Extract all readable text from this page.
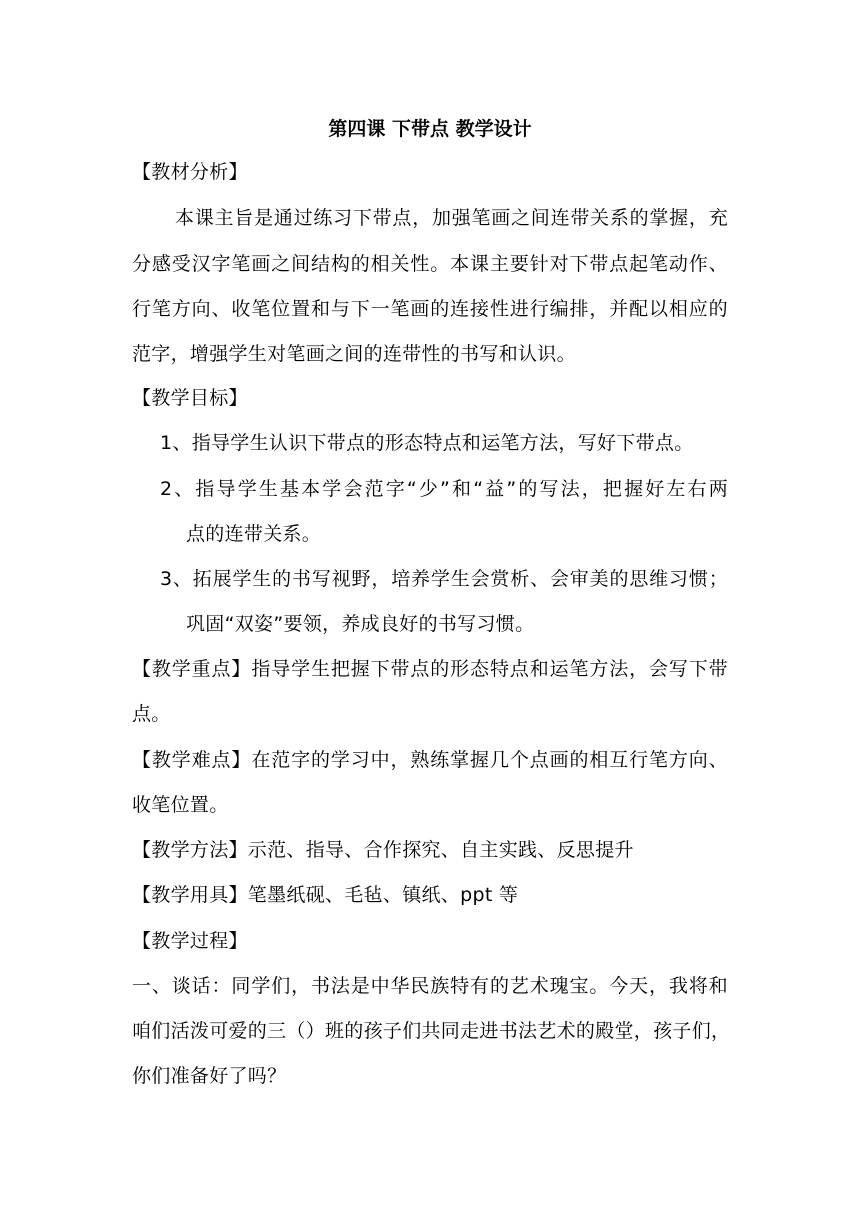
第四课 下带点 教学设计
【教材分析】
本课主旨是通过练习下带点，加强笔画之间连带关系的掌握，充
分感受汉字笔画之间结构的相关性。本课主要针对下带点起笔动作、
行笔方向、收笔位置和与下一笔画的连接性进行编排，并配以相应的
范字，增强学生对笔画之间的连带性的书写和认识。
【教学目标】
1、指导学生认识下带点的形态特点和运笔方法，写好下带点。
2、指导学生基本学会范字“少”和“益”的写法，把握好左右两
点的连带关系。
3、拓展学生的书写视野，培养学生会赏析、会审美的思维习惯；
巩固“双姿”要领，养成良好的书写习惯。
【教学重点】指导学生把握下带点的形态特点和运笔方法，会写下带
点。
【教学难点】在范字的学习中，熟练掌握几个点画的相互行笔方向、
收笔位置。
【教学方法】示范、指导、合作探究、自主实践、反思提升
【教学用具】笔墨纸砚、毛毡、镇纸、ppt 等
【教学过程】
一、谈话：同学们，书法是中华民族特有的艺术瑰宝。今天，我将和
咱们活泼可爱的三（）班的孩子们共同走进书法艺术的殿堂，孩子们，
你们准备好了吗？
